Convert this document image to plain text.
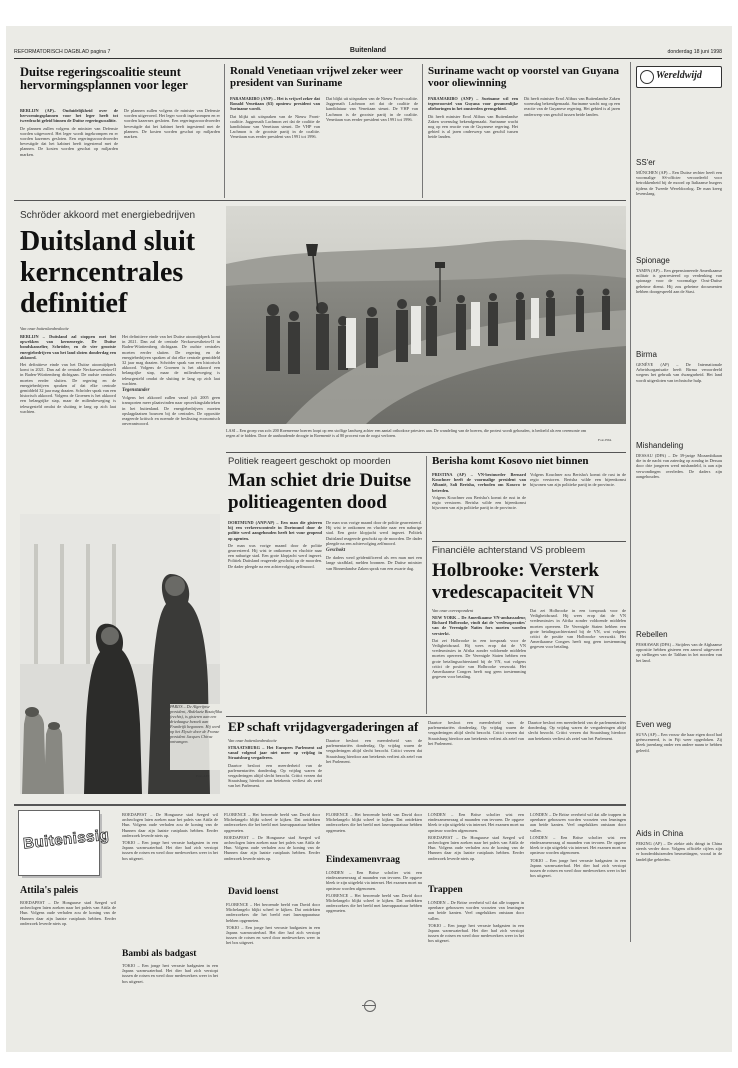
REFORMATORISCH DAGBLAD pagina 7	Buitenland	donderdag 18 juni 1998
Duitse regeringscoalitie steunt hervormingsplannen voor leger

BERLIJN (AP)– Onduidelijkheid over de hervormingsplannen voor het leger heeft tot tweedracht geleid binnen de Duitse regeringscoalitie.

De plannen zullen volgens de minister van Defensie worden uitgevoerd. Het leger wordt ingekrompen en er worden kazernes gesloten. Een regeringswoordvoerder bevestigde dat het kabinet heeft ingestemd met de plannen. De kosten worden geschat op miljarden marken.

De plannen zullen volgens de minister van Defensie worden uitgevoerd. Het leger wordt ingekrompen en er worden kazernes gesloten. Een regeringswoordvoerder bevestigde dat het kabinet heeft ingestemd met de plannen. De kosten worden geschat op miljarden marken.

Ronald Venetiaan vrijwel zeker weer president van Suriname

PARAMARIBO (ANP) – Het is vrijwel zeker dat Ronald Venetiaan (63) opnieuw president van Suriname wordt.

Dat blijkt uit uitspraken van de Nieuw Front-coalitie. Jaggernath Lachmon zei dat de coalitie de kandidatuur van Venetiaan steunt. De VHP van Lachmon is de grootste partij in de coalitie. Venetiaan was eerder president van 1991 tot 1996.

Dat blijkt uit uitspraken van de Nieuw Front-coalitie. Jaggernath Lachmon zei dat de coalitie de kandidatuur van Venetiaan steunt. De VHP van Lachmon is de grootste partij in de coalitie. Venetiaan was eerder president van 1991 tot 1996.

Suriname wacht op voorstel van Guyana voor oliewinning

PARAMARIBO (ANP) – Suriname wil een tegenvoorstel van Guyana voor gezamenlijke olieboringen in het omstreden grensgebied.

Dit heeft minister Errol Alibux van Buitenlandse Zaken woensdag bekendgemaakt. Suriname wacht nog op een reactie van de Guyanese regering. Het gebied is al jaren onderwerp van geschil tussen beide landen.

Dit heeft minister Errol Alibux van Buitenlandse Zaken woensdag bekendgemaakt. Suriname wacht nog op een reactie van de Guyanese regering. Het gebied is al jaren onderwerp van geschil tussen beide landen.

Wereldwijd
SS'er
MÜNCHEN (AP) – Een Duitse rechter heeft een voormalige SS-officier veroordeeld voor betrokkenheid bij de moord op Italiaanse burgers tijdens de Tweede Wereldoorlog. De man kreeg levenslang.
Spionage
TAMPA (AP) – Een gepensioneerde Amerikaanse militair is gearresteerd op verdenking van spionage voor de voormalige Oost-Duitse geheime dienst. Hij zou geheime documenten hebben doorgespeeld aan de Stasi.
Birma
GENÈVE (AP) – De Internationale Arbeidsorganisatie heeft Birma veroordeeld wegens het gebruik van dwangarbeid. Het land wordt uitgesloten van technische hulp.
Mishandeling
DESSAU (DPA) – De 39-jarige Mozambikaan die in de nacht van zaterdag op zondag in Dessau door drie jongeren werd mishandeld, is aan zijn verwondingen overleden. De daders zijn aangehouden.
Rebellen
PESHAWAR (DPA) – Strijders van de Afghaanse oppositie hebben gisteren een aanval uitgevoerd op stellingen van de Taliban in het noorden van het land.
Even weg
SUVA (AP) – Een vrouw die haar eigen dood had geënsceneerd, is in Fiji weer opgedoken. Zij bleek jarenlang onder een andere naam te hebben geleefd.
Aids in China
PEKING (AP) – De ziekte aids dringt in China steeds verder door. Volgens officiële cijfers zijn er honderdduizenden besmettingen, vooral in de landelijke gebieden.
Schröder akkoord met energiebedrijven
Duitsland sluit kerncentrales definitief
Van onze buitenlandredactie

BERLIJN – Duitsland zal stoppen met het opwekken van kernenergie. De Duitse bondskanselier, Schröder, en de vier grootste energiebedrijven van het land sloten donderdag een akkoord.

Het definitieve einde van het Duitse atoomtijdperk komt in 2021. Dan zal de centrale Neckarwestheim-II in Baden-Württemberg dichtgaan. De oudste centrales moeten eerder sluiten. De regering en de energiebedrijven spraken af dat elke centrale gemiddeld 32 jaar mag draaien. Schröder sprak van een historisch akkoord. Volgens de Groenen is het akkoord een belangrijke stap, maar de milieubeweging is teleurgesteld omdat de sluiting te lang op zich laat wachten.

Het definitieve einde van het Duitse atoomtijdperk komt in 2021. Dan zal de centrale Neckarwestheim-II in Baden-Württemberg dichtgaan. De oudste centrales moeten eerder sluiten. De regering en de energiebedrijven spraken af dat elke centrale gemiddeld 32 jaar mag draaien. Schröder sprak van een historisch akkoord. Volgens de Groenen is het akkoord een belangrijke stap, maar de milieubeweging is teleurgesteld omdat de sluiting te lang op zich laat wachten.

Tegenstander

Volgens het akkoord zullen vanaf juli 2005 geen transporten meer plaatsvinden naar opwerkingsfabrieken in het buitenland. De energiebedrijven moeten opslagplaatsen bouwen bij de centrales. De oppositie reageerde kritisch en noemde de beslissing economisch onverantwoord.

LASI – Een groep van zo'n 200 Roemeense boeren loopt op een stoffige landweg achter een aantal orthodoxe priesters aan. De wandeling van de boeren, die protest wordt gehouden, is bedoeld als een ceremonie om regen af te bidden. Door de aanhoudende droogte in Roemenië is al 80 procent van de oogst verloren.
Foto EPA
Politiek reageert geschokt op moorden
Man schiet drie Duitse politieagenten dood

DORTMUND (ANP/AP) – Een man die gisteren bij een verkeerscontrole in Dortmund door de politie werd aangehouden heeft het vuur geopend op agenten.

De man was vorige maand door de politie gearresteerd. Hij wist te ontkomen en vluchtte naar een naburige stad. Een grote klopjacht werd ingezet. Politiek Duitsland reageerde geschokt op de moorden. De dader pleegde na een achtervolging zelfmoord.

De man was vorige maand door de politie gearresteerd. Hij wist te ontkomen en vluchtte naar een naburige stad. Een grote klopjacht werd ingezet. Politiek Duitsland reageerde geschokt op de moorden. De dader pleegde na een achtervolging zelfmoord.

Geschokt

De daders werd geïdentificeerd als een man met een lange strafblad, melden bronnen. De Duitse minister van Binnenlandse Zaken sprak van een zwarte dag.

Berisha komt Kosovo niet binnen

PRISTINA (AP) – VN-bestuurder Bernard Kouchner heeft de voormalige president van Albanië, Sali Berisha, verboden om Kosovo te betreden.

Volgens Kouchner zou Berisha's komst de rust in de regio verstoren. Berisha wilde een bijeenkomst bijwonen van zijn politieke partij in de provincie.

Volgens Kouchner zou Berisha's komst de rust in de regio verstoren. Berisha wilde een bijeenkomst bijwonen van zijn politieke partij in de provincie.

Financiële achterstand VS probleem
Holbrooke: Versterk vredescapaciteit VN
Van onze correspondent

NEW YORK – De Amerikaanse VN-ambassadeur, Richard Holbrooke, vindt dat de 'vredesoperaties' van de Verenigde Naties fors moeten worden versterkt.

Dat zei Holbrooke in een toespraak voor de Veiligheidsraad. Hij wees erop dat de VN vredesmissies in Afrika zonder voldoende middelen moeten opereren. De Verenigde Staten hebben een grote betalingsachterstand bij de VN, wat volgens critici de positie van Holbrooke verzwakt. Het Amerikaanse Congres heeft nog geen toestemming gegeven voor betaling.

Dat zei Holbrooke in een toespraak voor de Veiligheidsraad. Hij wees erop dat de VN vredesmissies in Afrika zonder voldoende middelen moeten opereren. De Verenigde Staten hebben een grote betalingsachterstand bij de VN, wat volgens critici de positie van Holbrooke verzwakt. Het Amerikaanse Congres heeft nog geen toestemming gegeven voor betaling.

PARIJS – De Algerijnse president, Abdelaziz Bouteflika (rechts), is gisteren aan een driedaagse bezoek aan Frankrijk begonnen. Hij werd op het Elysée door de Franse president Jacques Chirac ontvangen.
Foto AFP
EP schaft vrijdagvergaderingen af
Van onze buitenlandredactie

STRAATSBURG – Het Europees Parlement zal vanaf volgend jaar niet meer op vrijdag in Straatsburg vergaderen.

Daartoe besloot een meerderheid van de parlementariërs donderdag. Op vrijdag waren de vergaderingen altijd slecht bezocht. Critici vrezen dat Straatsburg hierdoor aan betekenis verliest als zetel van het Parlement.

Daartoe besloot een meerderheid van de parlementariërs donderdag. Op vrijdag waren de vergaderingen altijd slecht bezocht. Critici vrezen dat Straatsburg hierdoor aan betekenis verliest als zetel van het Parlement.

Daartoe besloot een meerderheid van de parlementariërs donderdag. Op vrijdag waren de vergaderingen altijd slecht bezocht. Critici vrezen dat Straatsburg hierdoor aan betekenis verliest als zetel van het Parlement.

Daartoe besloot een meerderheid van de parlementariërs donderdag. Op vrijdag waren de vergaderingen altijd slecht bezocht. Critici vrezen dat Straatsburg hierdoor aan betekenis verliest als zetel van het Parlement.

Buitenissig

BOEDAPEST – De Hongaarse stad Szeged wil archeologen laten zoeken naar het paleis van Attila de Hun. Volgens oude verhalen zou de koning van de Hunnen daar zijn laatste rustplaats hebben. Eerder onderzoek leverde niets op.

TOKIO – Een jonge hert verraste badgasten in een Japans warmwaterbad. Het dier had zich verstopt tussen de rotsen en werd door medewerkers weer in het bos uitgezet.

Attila's paleis
BOEDAPEST – De Hongaarse stad Szeged wil archeologen laten zoeken naar het paleis van Attila de Hun. Volgens oude verhalen zou de koning van de Hunnen daar zijn laatste rustplaats hebben. Eerder onderzoek leverde niets op.
Bambi als badgast
TOKIO – Een jonge hert verraste badgasten in een Japans warmwaterbad. Het dier had zich verstopt tussen de rotsen en werd door medewerkers weer in het bos uitgezet.

FLORENCE – Het beroemde beeld van David door Michelangelo blijkt scheel te kijken. Dat ontdekten onderzoekers die het beeld met laserapparatuur hebben opgemeten.

BOEDAPEST – De Hongaarse stad Szeged wil archeologen laten zoeken naar het paleis van Attila de Hun. Volgens oude verhalen zou de koning van de Hunnen daar zijn laatste rustplaats hebben. Eerder onderzoek leverde niets op.

David loenst

FLORENCE – Het beroemde beeld van David door Michelangelo blijkt scheel te kijken. Dat ontdekten onderzoekers die het beeld met laserapparatuur hebben opgemeten.

TOKIO – Een jonge hert verraste badgasten in een Japans warmwaterbad. Het dier had zich verstopt tussen de rotsen en werd door medewerkers weer in het bos uitgezet.

FLORENCE – Het beroemde beeld van David door Michelangelo blijkt scheel te kijken. Dat ontdekten onderzoekers die het beeld met laserapparatuur hebben opgemeten.

Eindexamenvraag

LONDEN – Een Britse scholier wist een eindexamenvraag al maanden van tevoren. De opgave bleek te zijn uitgelekt via internet. Het examen moet nu opnieuw worden afgenomen.

FLORENCE – Het beroemde beeld van David door Michelangelo blijkt scheel te kijken. Dat ontdekten onderzoekers die het beeld met laserapparatuur hebben opgemeten.

LONDEN – Een Britse scholier wist een eindexamenvraag al maanden van tevoren. De opgave bleek te zijn uitgelekt via internet. Het examen moet nu opnieuw worden afgenomen.

BOEDAPEST – De Hongaarse stad Szeged wil archeologen laten zoeken naar het paleis van Attila de Hun. Volgens oude verhalen zou de koning van de Hunnen daar zijn laatste rustplaats hebben. Eerder onderzoek leverde niets op.

Trappen

LONDEN – De Britse overheid wil dat alle trappen in openbare gebouwen worden voorzien van leuningen aan beide kanten. Veel ongelukken ontstaan door vallen.

TOKIO – Een jonge hert verraste badgasten in een Japans warmwaterbad. Het dier had zich verstopt tussen de rotsen en werd door medewerkers weer in het bos uitgezet.

LONDEN – De Britse overheid wil dat alle trappen in openbare gebouwen worden voorzien van leuningen aan beide kanten. Veel ongelukken ontstaan door vallen.

LONDEN – Een Britse scholier wist een eindexamenvraag al maanden van tevoren. De opgave bleek te zijn uitgelekt via internet. Het examen moet nu opnieuw worden afgenomen.

TOKIO – Een jonge hert verraste badgasten in een Japans warmwaterbad. Het dier had zich verstopt tussen de rotsen en werd door medewerkers weer in het bos uitgezet.
